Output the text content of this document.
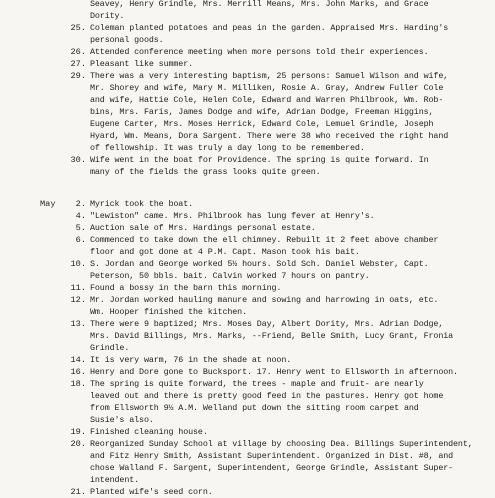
Seavey, Henry Grindle, Mrs. Merrill Means, Mrs. John Marks, and Grace
Dority.
25. Coleman planted potatoes and peas in the garden. Appraised Mrs. Harding's
personal goods.
26. Attended conference meeting when more persons told their experiences.
27. Pleasant like summer.
29. There was a very interesting baptism, 25 persons: Samuel Wilson and wife,
Mr. Shorey and wife, Mary M. Milliken, Rosie A. Gray, Andrew Fuller Cole
and wife, Hattie Cole, Helen Cole, Edward and Warren Philbrook, Wm. Rob-
bins, Mrs. Faris, James Dodge and wife, Adrian Dodge, Freeman Higgins,
Eugene Carter, Mrs. Moses Herrick, Edward Cole, Lemuel Grindle, Joseph
Hyard, Wm. Means, Dora Sargent. There were 38 who received the right hand
of fellowship. It was truly a day long to be remembered.
30. Wife went in the boat for Providence. The spring is quite forward. In
many of the fields the grass looks quite green.
May 2. Myrick took the boat.
4. "Lewiston" came. Mrs. Philbrook has lung fever at Henry's.
5. Auction sale of Mrs. Hardings personal estate.
6. Commenced to take down the ell chimney. Rebuilt it 2 feet above chamber
floor and got done at 4 P.M. Capt. Mason took his bait.
10. S. Jordan and George worked 5½ hours. Sold Sch. Daniel Webster, Capt.
Peterson, 50 bbls. bait. Calvin worked 7 hours on pantry.
11. Found a bossy in the barn this morning.
12. Mr. Jordan worked hauling manure and sowing and harrowing in oats, etc.
Wm. Hooper finished the kitchen.
13. There were 9 baptized; Mrs. Moses Day, Albert Dority, Mrs. Adrian Dodge,
Mrs. David Billings, Mrs. Marks, --Friend, Belle Smith, Lucy Grant, Fronia
Grindle.
14. It is very warm, 76 in the shade at noon.
16. Henry and Dore gone to Bucksport. 17. Henry went to Ellsworth in afternoon.
18. The spring is quite forward, the trees - maple and fruit- are nearly
leaved out and there is pretty good feed in the pastures. Henry got home
from Ellsworth 9½ A.M. Welland put down the sitting room carpet and
Susie's also.
19. Finished cleaning house.
20. Reorganized Sunday School at village by choosing Dea. Billings Superintendent,
and Fitz Henry Smith, Assistant Superintendent. Organized in Dist. #8, and
chose Walland F. Sargent, Superintendent, George Grindle, Assistant Super-
intendent.
21. Planted wife's seed corn.
